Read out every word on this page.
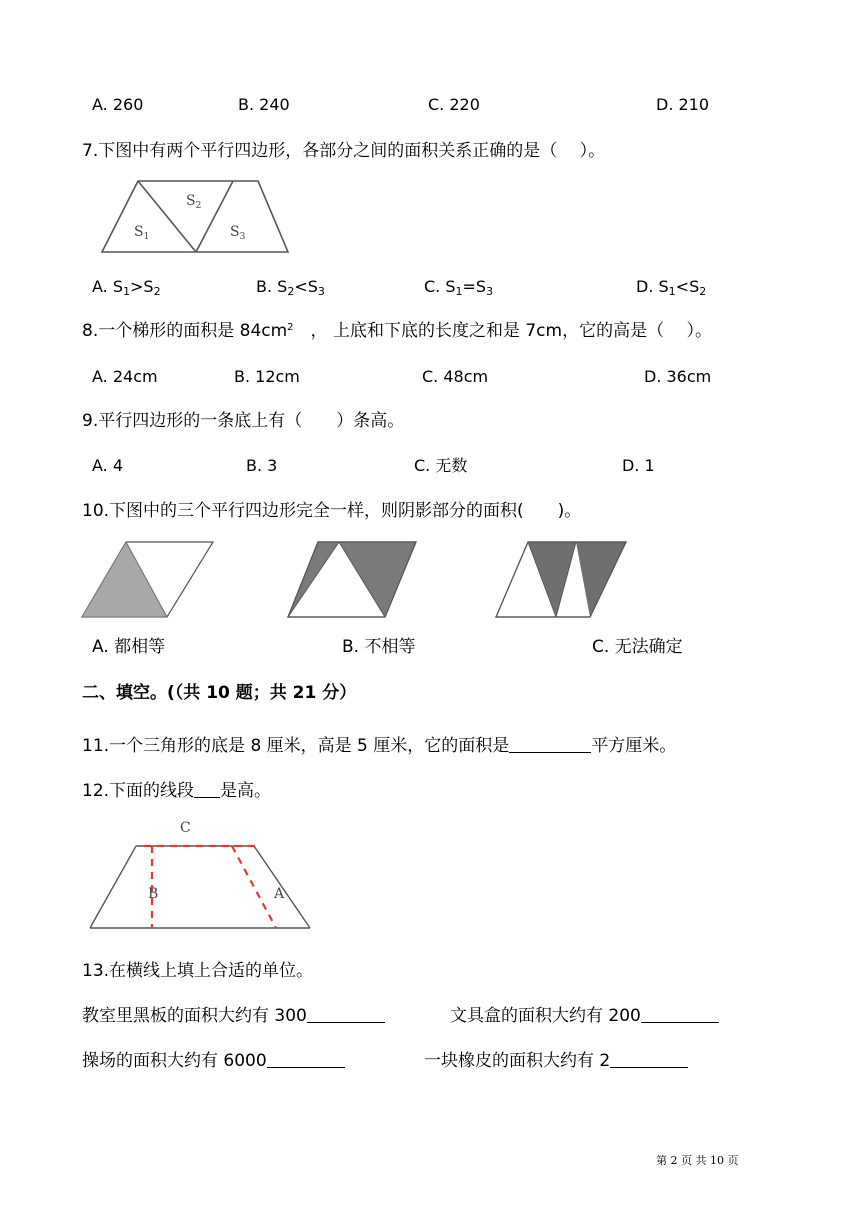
A. 260	B. 240	C. 220	D. 210
7.下图中有两个平行四边形，各部分之间的面积关系正确的是（　 ）。
$S_2$
$S_1$	$S_3$
A. $S_1>S_2$	B. $S_2<S_3$	C. $S_1=S_3$	D. $S_1<S_2$
8.一个梯形的面积是 $84cm^2$　， 上底和下底的长度之和是 7cm，它的高是（　 ）。
A. 24cm	B. 12cm	C. 48cm	D. 36cm
9.平行四边形的一条底上有（　　）条高。
A. 4	B. 3	C. 无数	D. 1
10.下图中的三个平行四边形完全一样，则阴影部分的面积(　　)。
A. 都相等	B. 不相等	C. 无法确定
二、填空。(（共 10 题；共 21 分）
11.一个三角形的底是 8 厘米，高是 5 厘米，它的面积是	平方厘米。
12.下面的线段 是高。
C
B	A
13.在横线上填上合适的单位。
教室里黑板的面积大约有 300	文具盒的面积大约有 200
操场的面积大约有 6000	一块橡皮的面积大约有 2
第 2 页 共 10 页
